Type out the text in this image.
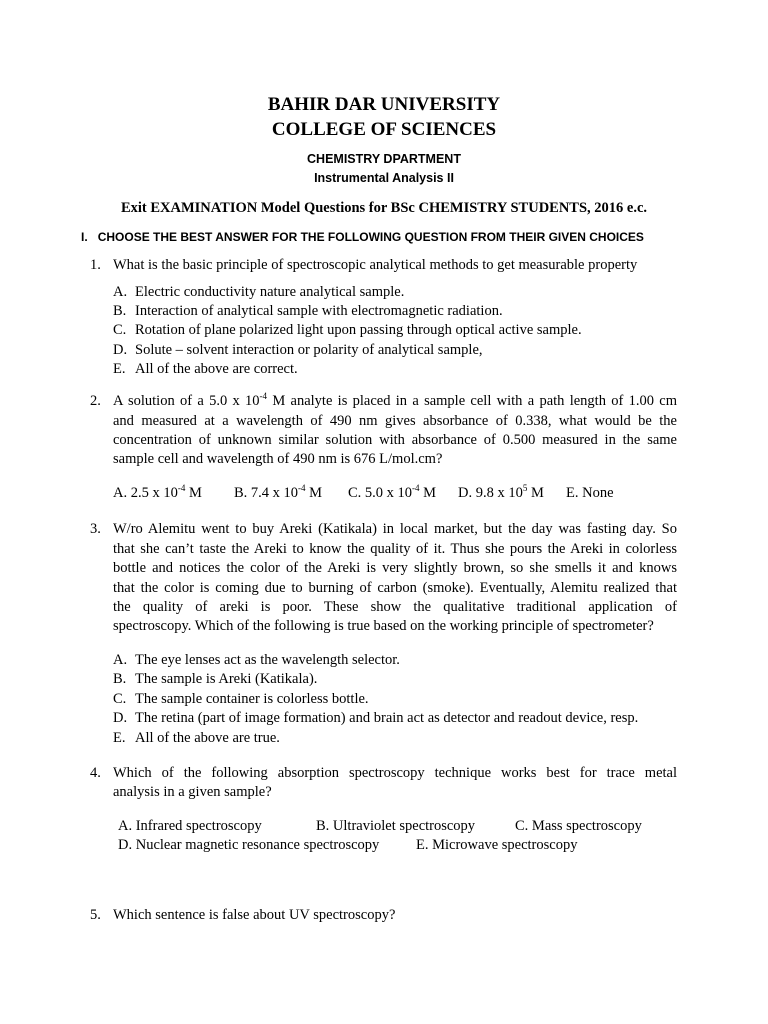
BAHIR DAR UNIVERSITY
COLLEGE OF SCIENCES
CHEMISTRY DPARTMENT
Instrumental Analysis II
Exit EXAMINATION Model Questions for BSc CHEMISTRY STUDENTS, 2016 e.c.
I. CHOOSE THE BEST ANSWER FOR THE FOLLOWING QUESTION FROM THEIR GIVEN CHOICES
1. What is the basic principle of spectroscopic analytical methods to get measurable property
A. Electric conductivity nature analytical sample.
B. Interaction of analytical sample with electromagnetic radiation.
C. Rotation of plane polarized light upon passing through optical active sample.
D. Solute – solvent interaction or polarity of analytical sample,
E. All of the above are correct.
2. A solution of a 5.0 x $10^{-4}$ M analyte is placed in a sample cell with a path length of 1.00 cm
and measured at a wavelength of 490 nm gives absorbance of 0.338, what would be the
concentration of unknown similar solution with absorbance of 0.500 measured in the same
sample cell and wavelength of 490 nm is 676 L/mol.cm?
A. 2.5 x $10^{-4}$ M B. 7.4 x $10^{-4}$ M C. 5.0 x $10^{-4}$ M D. 9.8 x $10^5$ M E. None
3. W/ro Alemitu went to buy Areki (Katikala) in local market, but the day was fasting day. So
that she can’t taste the Areki to know the quality of it. Thus she pours the Areki in colorless
bottle and notices the color of the Areki is very slightly brown, so she smells it and knows
that the color is coming due to burning of carbon (smoke). Eventually, Alemitu realized that
the quality of areki is poor. These show the qualitative traditional application of
spectroscopy. Which of the following is true based on the working principle of spectrometer?
A. The eye lenses act as the wavelength selector.
B. The sample is Areki (Katikala).
C. The sample container is colorless bottle.
D. The retina (part of image formation) and brain act as detector and readout device, resp.
E. All of the above are true.
4. Which of the following absorption spectroscopy technique works best for trace metal
analysis in a given sample?
A. Infrared spectroscopy	B. Ultraviolet spectroscopy	C. Mass spectroscopy
D. Nuclear magnetic resonance spectroscopy	E. Microwave spectroscopy
5. Which sentence is false about UV spectroscopy?
